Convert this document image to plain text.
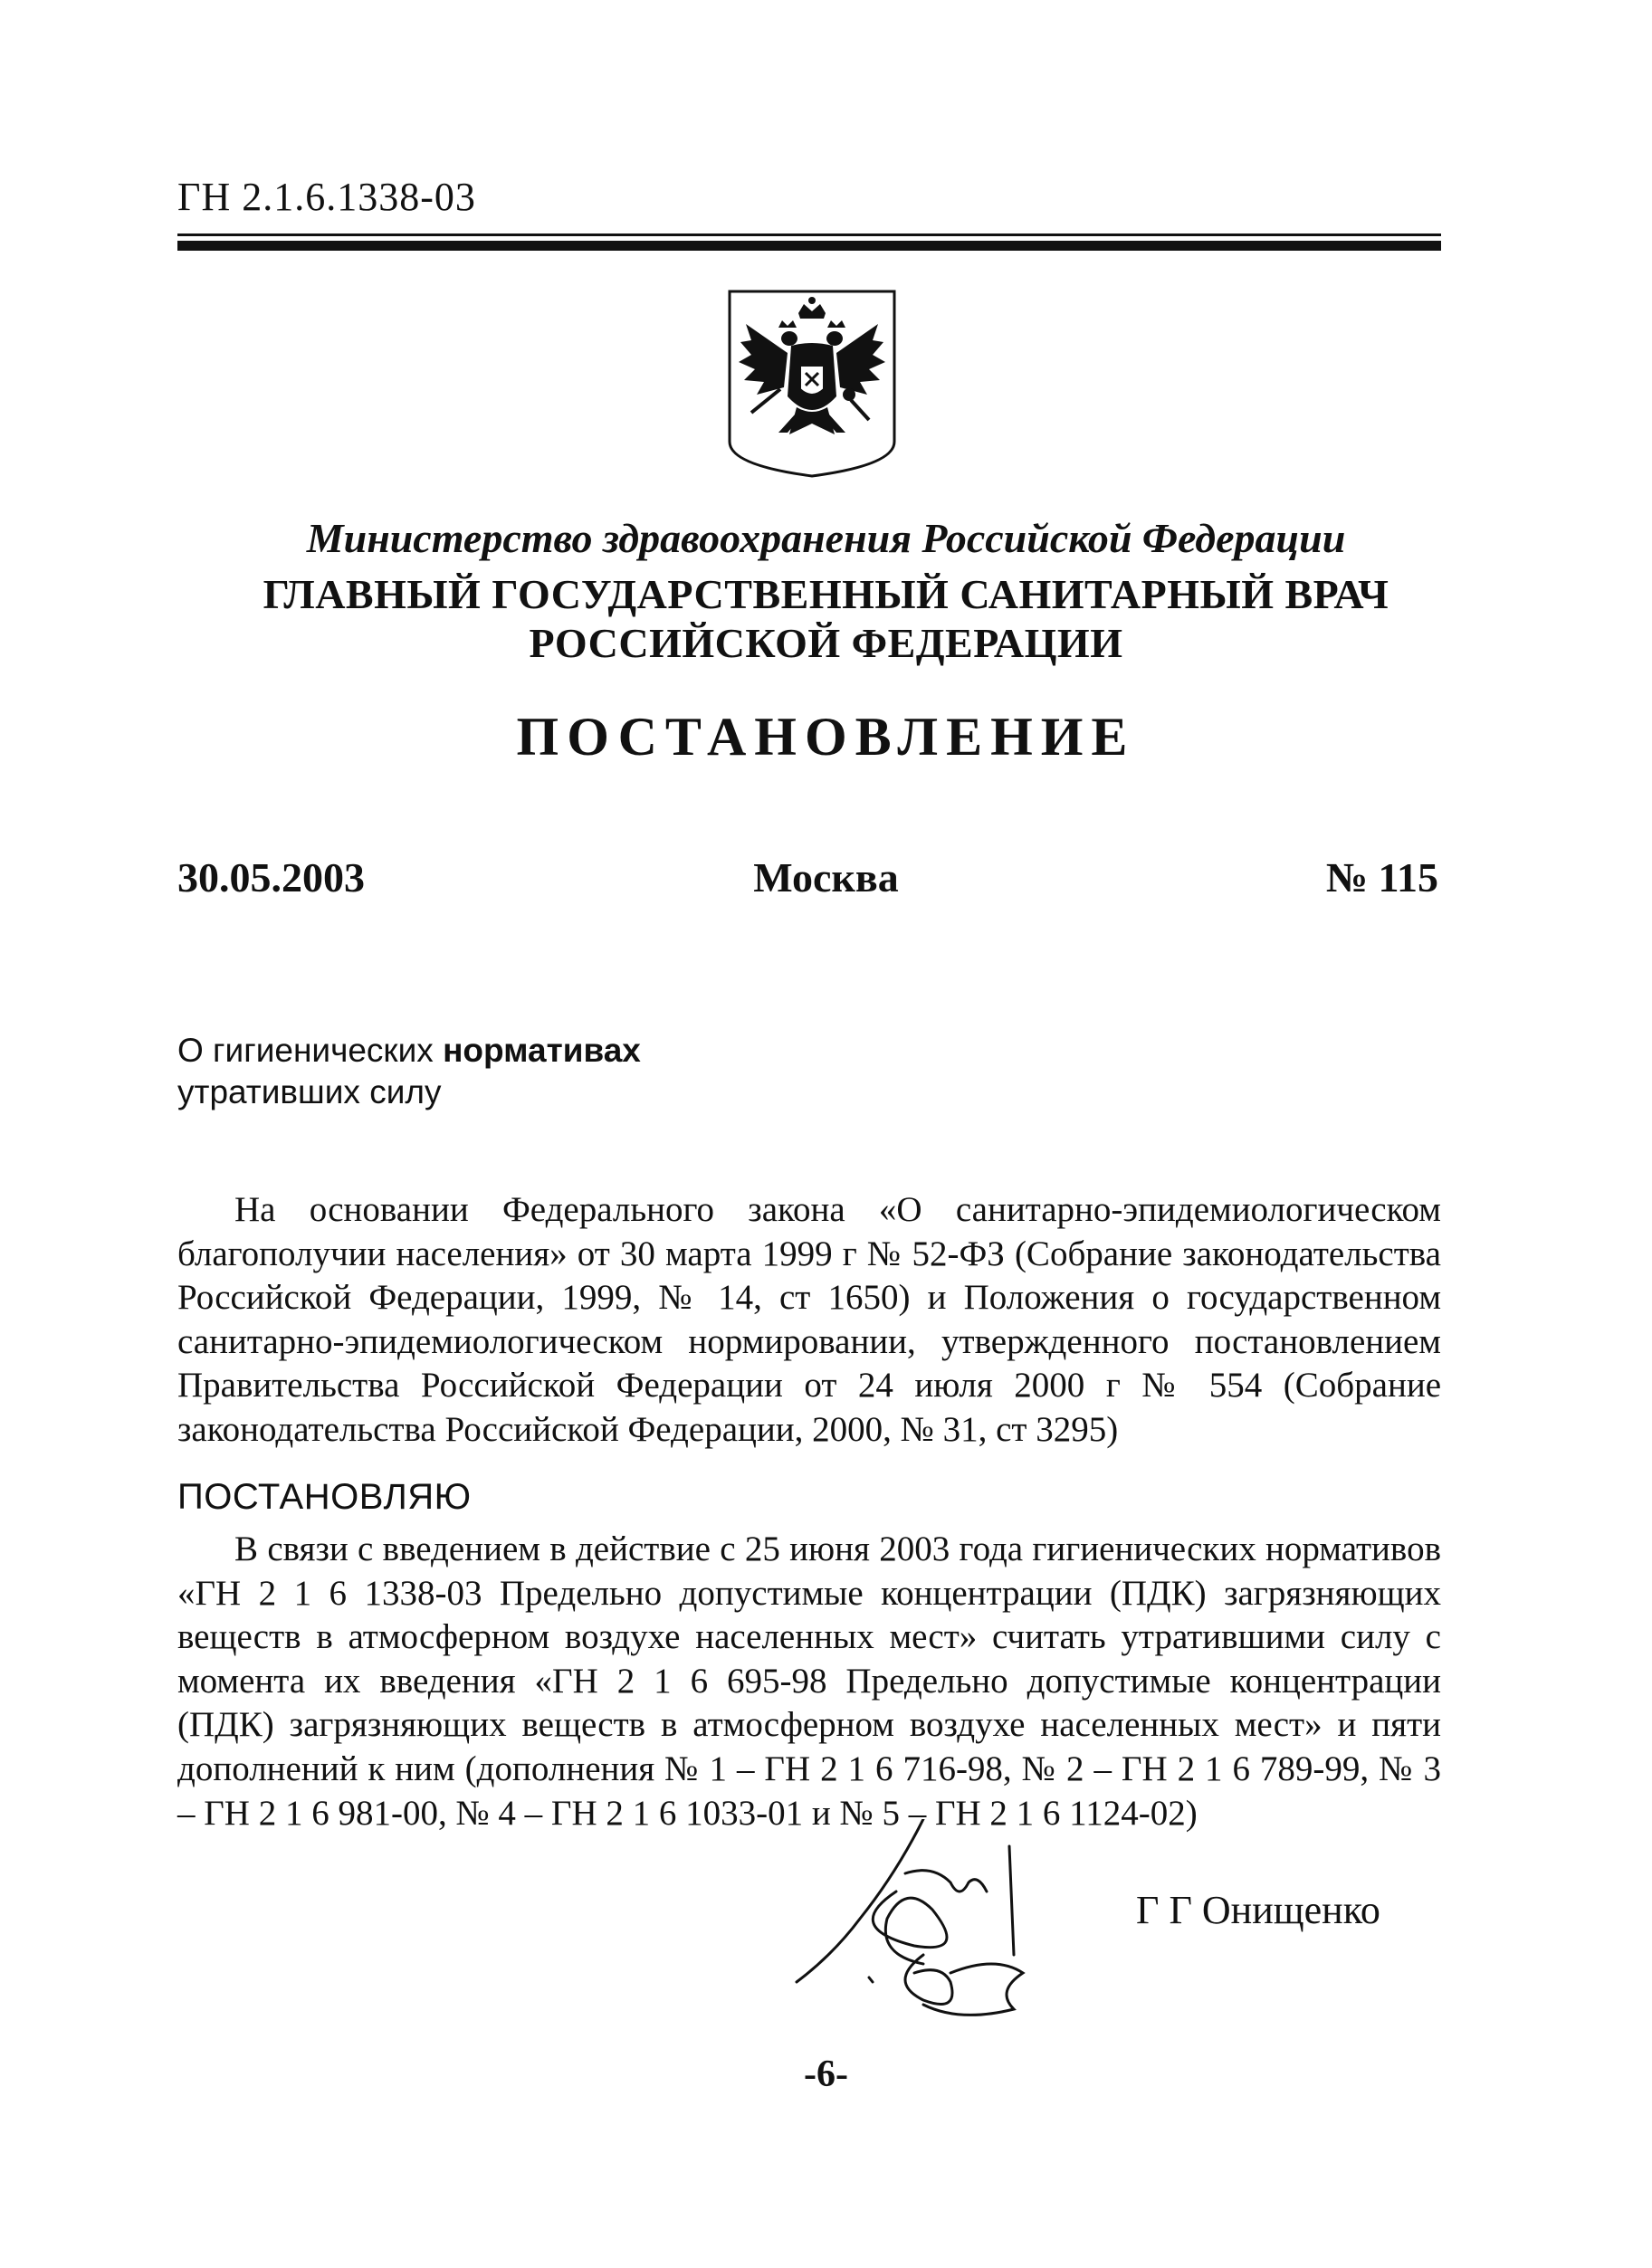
ГН 2.1.6.1338-03
Министерство здравоохранения Российской Федерации
ГЛАВНЫЙ ГОСУДАРСТВЕННЫЙ САНИТАРНЫЙ ВРАЧ
РОССИЙСКОЙ ФЕДЕРАЦИИ
ПОСТАНОВЛЕНИЕ
30.05.2003	Москва	№ 115
О гигиенических нормативах
утративших силу
На основании Федерального закона «О санитарно-эпидемиологическом благополучии населения» от 30 марта 1999 г № 52-ФЗ (Собрание законодательства Российской Федерации, 1999, № 14, ст 1650) и Положения о государственном санитарно-эпидемиологическом нормировании, утвержденного постановлением Правительства Российской Федерации от 24 июля 2000 г № 554 (Собрание законодательства Российской Федерации, 2000, № 31, ст 3295)
ПОСТАНОВЛЯЮ
В связи с введением в действие с 25 июня 2003 года гигиенических нормативов «ГН 2 1 6 1338-03 Предельно допустимые концентрации (ПДК) загрязняющих веществ в атмосферном воздухе населенных мест» считать утратившими силу с момента их введения «ГН 2 1 6 695-98 Предельно допустимые концентрации (ПДК) загрязняющих веществ в атмосферном воздухе населенных мест» и пяти дополнений к ним (дополнения № 1 – ГН 2 1 6 716-98, № 2 – ГН 2 1 6 789-99, № 3 – ГН 2 1 6 981-00, № 4 – ГН 2 1 6 1033-01 и № 5 – ГН 2 1 6 1124-02)
Г Г Онищенко
-6-
